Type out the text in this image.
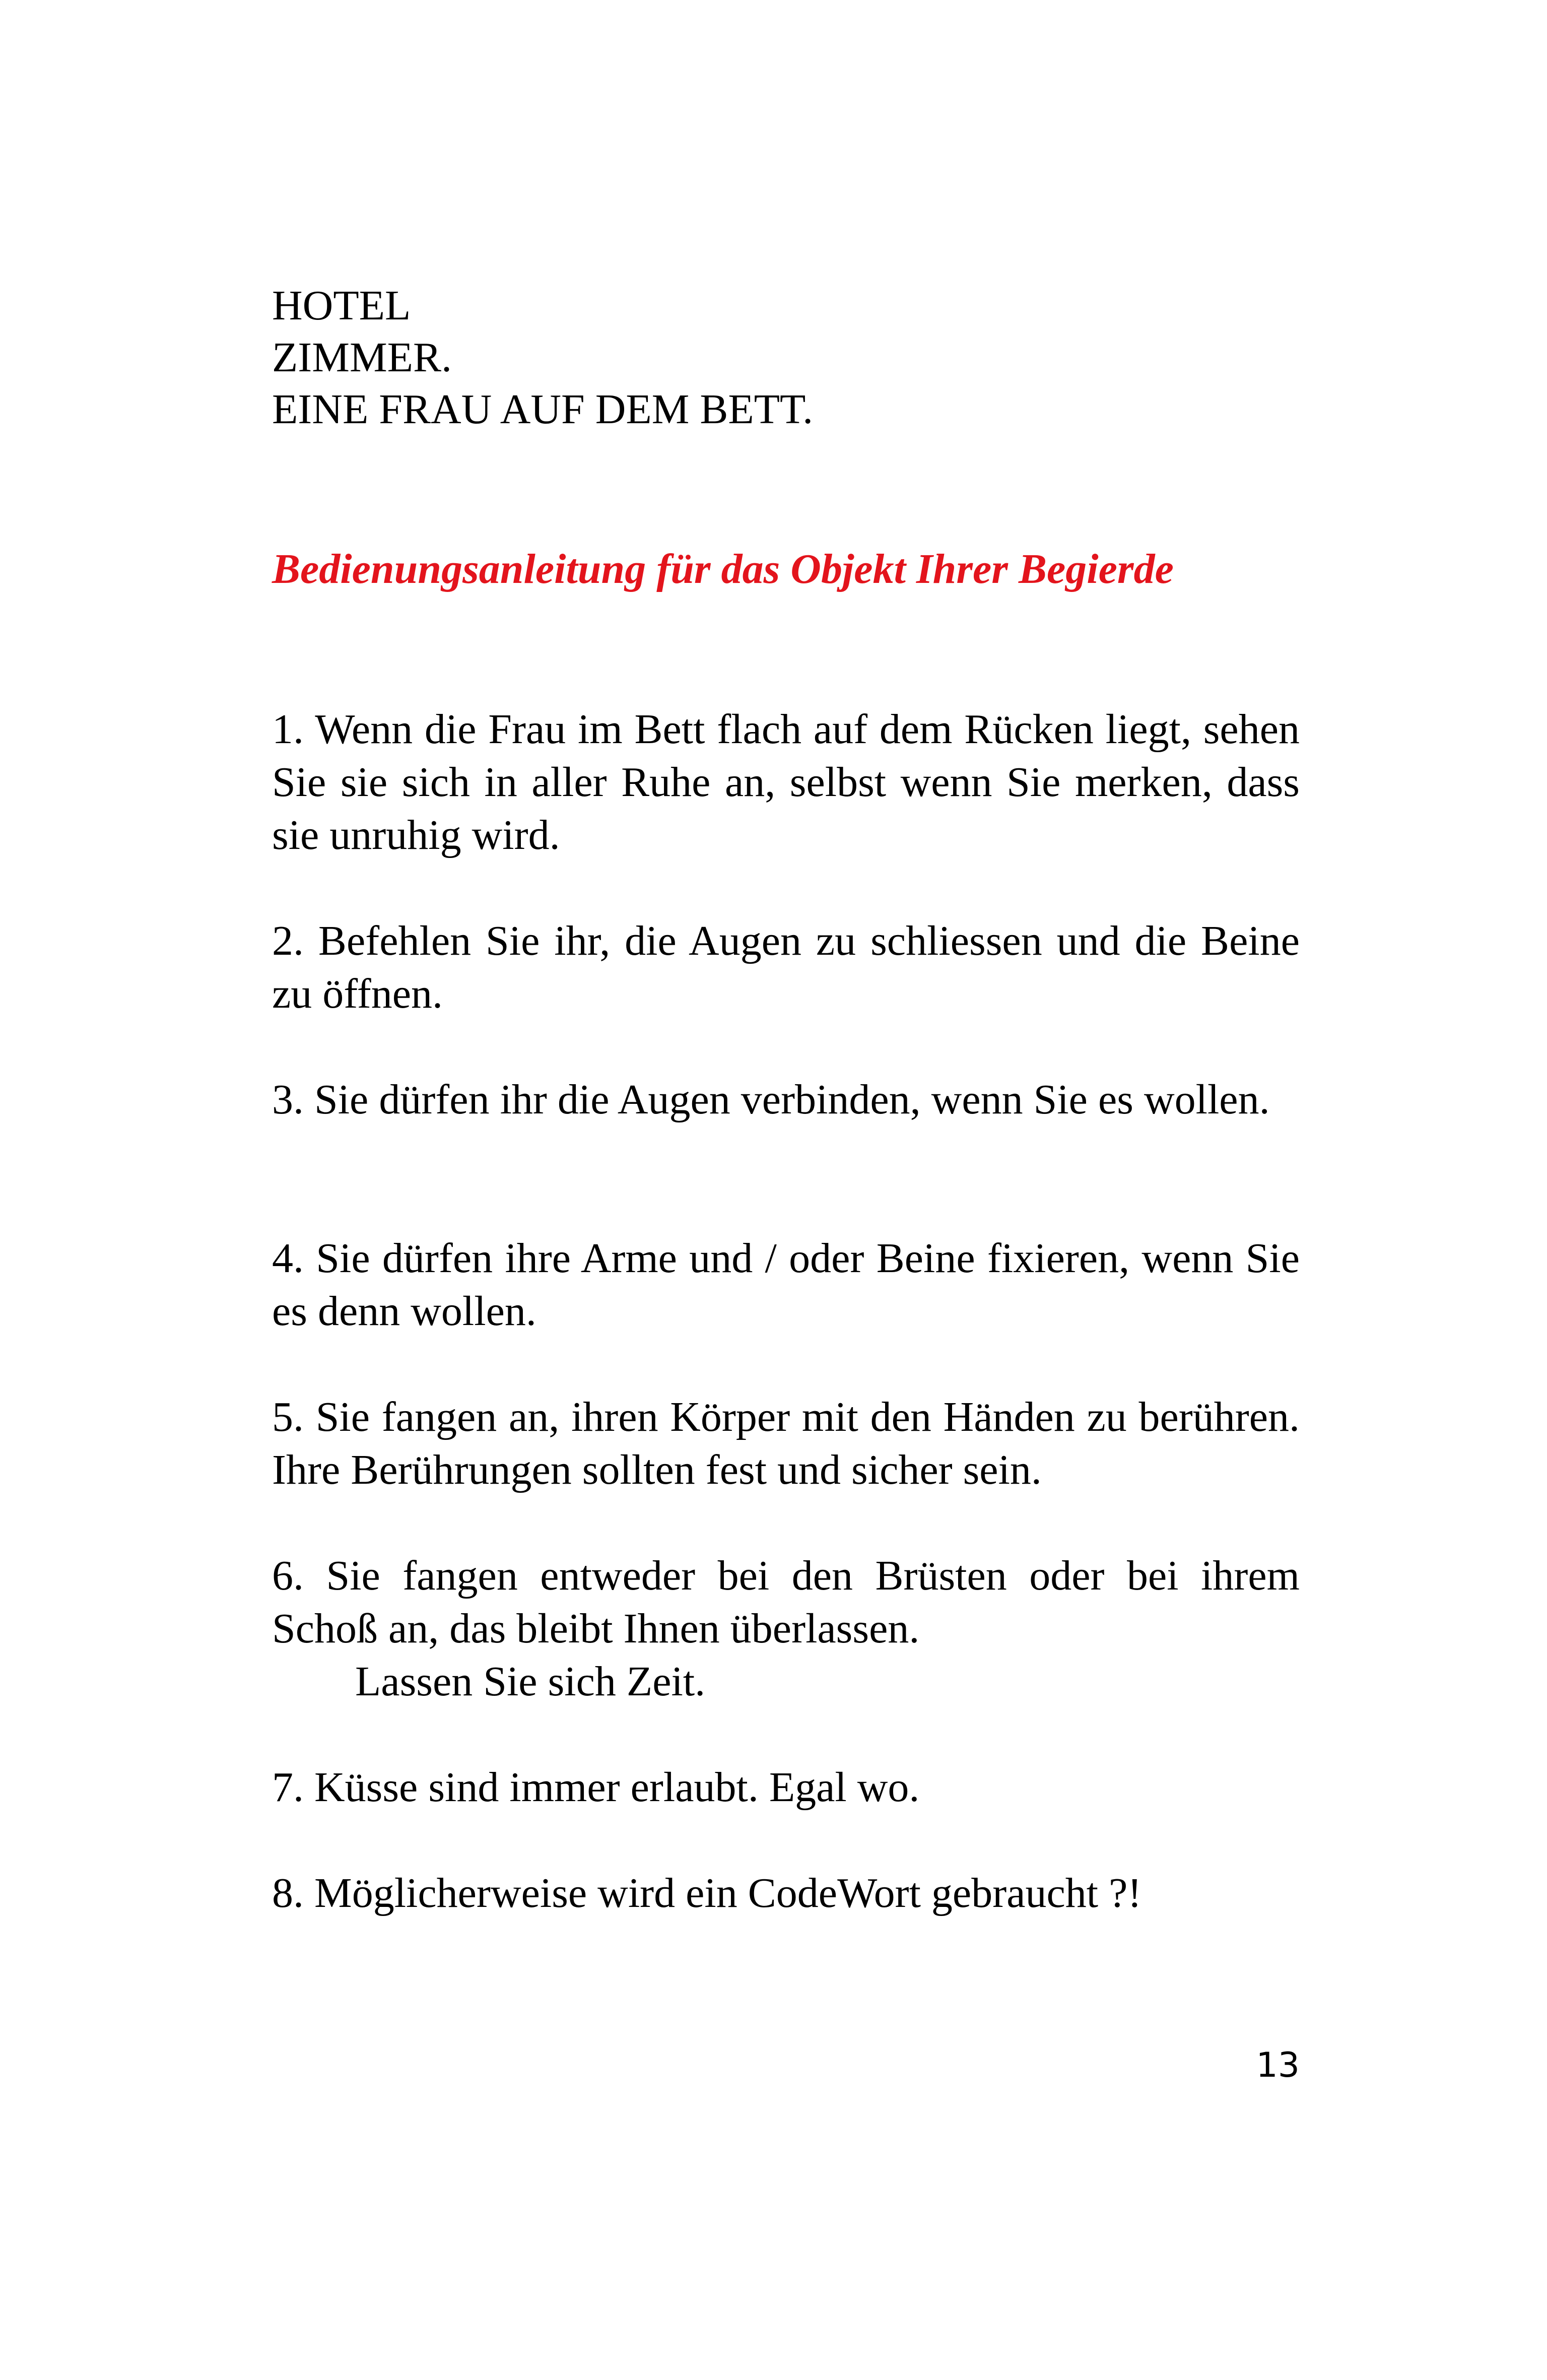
HOTEL
ZIMMER.
EINE FRAU AUF DEM BETT.
Bedienungsanleitung für das Objekt Ihrer Begierde

1. Wenn die Frau im Bett flach auf dem Rücken liegt, sehen Sie sie sich in aller Ruhe an, selbst wenn Sie merken, dass sie unruhig wird.

2. Befehlen Sie ihr, die Augen zu schliessen und die Beine zu öffnen.

3. Sie dürfen ihr die Augen verbinden, wenn Sie es wollen.

4. Sie dürfen ihre Arme und / oder Beine fixieren, wenn Sie es denn wollen.

5. Sie fangen an, ihren Körper mit den Händen zu berühren. Ihre Berührungen sollten fest und sicher sein.

6. Sie fangen entweder bei den Brüsten oder bei ihrem Schoß an, das bleibt Ihnen überlassen.

Lassen Sie sich Zeit.

7. Küsse sind immer erlaubt. Egal wo.

8. Möglicherweise wird ein CodeWort gebraucht ?!

13
